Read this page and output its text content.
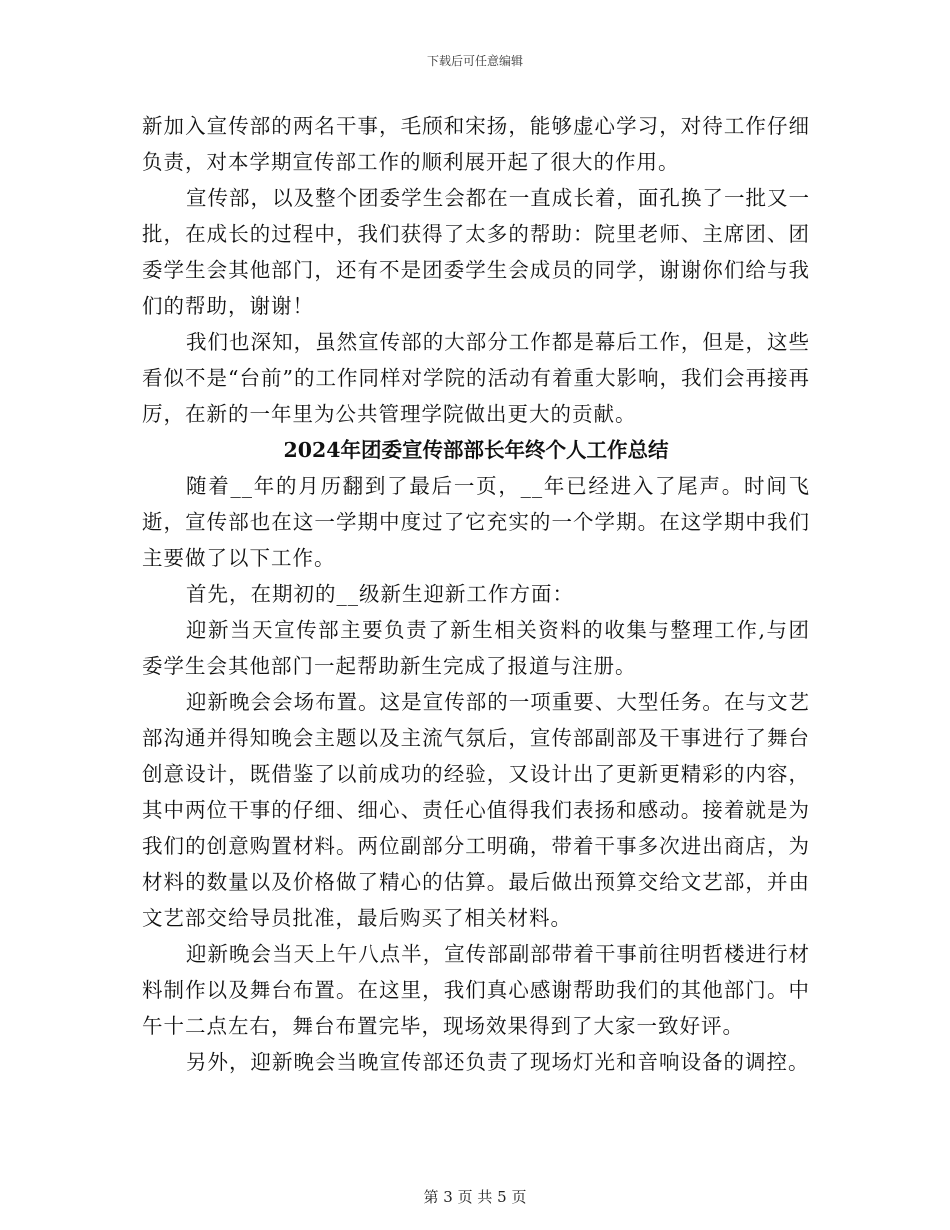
下载后可任意编辑

新加入宣传部的两名干事，毛颀和宋扬，能够虚心学习，对待工作仔细负责，对本学期宣传部工作的顺利展开起了很大的作用。

宣传部，以及整个团委学生会都在一直成长着，面孔换了一批又一批，在成长的过程中，我们获得了太多的帮助：院里老师、主席团、团委学生会其他部门，还有不是团委学生会成员的同学，谢谢你们给与我们的帮助，谢谢！

我们也深知，虽然宣传部的大部分工作都是幕后工作，但是，这些看似不是“台前”的工作同样对学院的活动有着重大影响，我们会再接再厉，在新的一年里为公共管理学院做出更大的贡献。

2024年团委宣传部部长年终个人工作总结

随着__年的月历翻到了最后一页，__年已经进入了尾声。时间飞逝，宣传部也在这一学期中度过了它充实的一个学期。在这学期中我们主要做了以下工作。

首先，在期初的__级新生迎新工作方面：

迎新当天宣传部主要负责了新生相关资料的收集与整理工作,与团委学生会其他部门一起帮助新生完成了报道与注册。

迎新晚会会场布置。这是宣传部的一项重要、大型任务。在与文艺部沟通并得知晚会主题以及主流气氛后，宣传部副部及干事进行了舞台创意设计，既借鉴了以前成功的经验，又设计出了更新更精彩的内容，其中两位干事的仔细、细心、责任心值得我们表扬和感动。接着就是为我们的创意购置材料。两位副部分工明确，带着干事多次进出商店，为材料的数量以及价格做了精心的估算。最后做出预算交给文艺部，并由文艺部交给导员批准，最后购买了相关材料。

迎新晚会当天上午八点半，宣传部副部带着干事前往明哲楼进行材料制作以及舞台布置。在这里，我们真心感谢帮助我们的其他部门。中午十二点左右，舞台布置完毕，现场效果得到了大家一致好评。

另外，迎新晚会当晚宣传部还负责了现场灯光和音响设备的调控。

第 3 页 共 5 页
